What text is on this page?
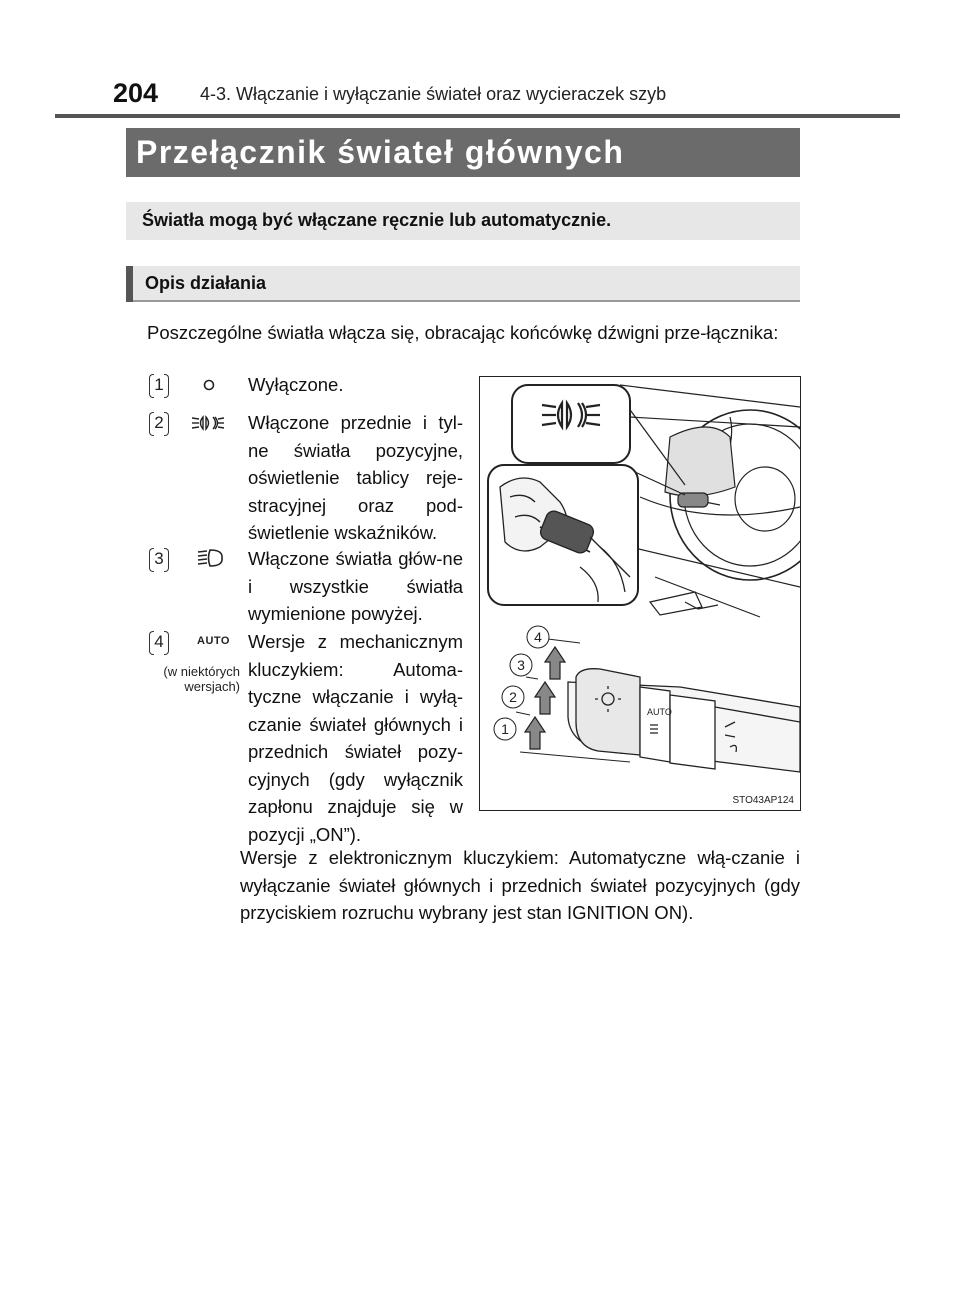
204 4-3. Włączanie i wyłączanie świateł oraz wycieraczek szyb
Przełącznik świateł głównych
Światła mogą być włączane ręcznie lub automatycznie.
Opis działania
Poszczególne światła włącza się, obracając końcówkę dźwigni prze-łącznika:
1	Wyłączone.
2	Włączone przednie i tyl-ne światła pozycyjne, oświetlenie tablicy reje-stracyjnej oraz pod-świetlenie wskaźników.
3	Włączone światła głów-ne i wszystkie światła wymienione powyżej.
4	AUTO
(w niektórych wersjach)
Wersje z mechanicznym kluczykiem: Automa-tyczne włączanie i wyłą-czanie świateł głównych i przednich świateł pozy-cyjnych (gdy wyłącznik zapłonu znajduje się w pozycji „ON”).
Wersje z elektronicznym kluczykiem: Automatyczne włą-czanie i wyłączanie świateł głównych i przednich świateł pozycyjnych (gdy przyciskiem rozruchu wybrany jest stan IGNITION ON).
AUTO
1
2
3
4
STO43AP124
